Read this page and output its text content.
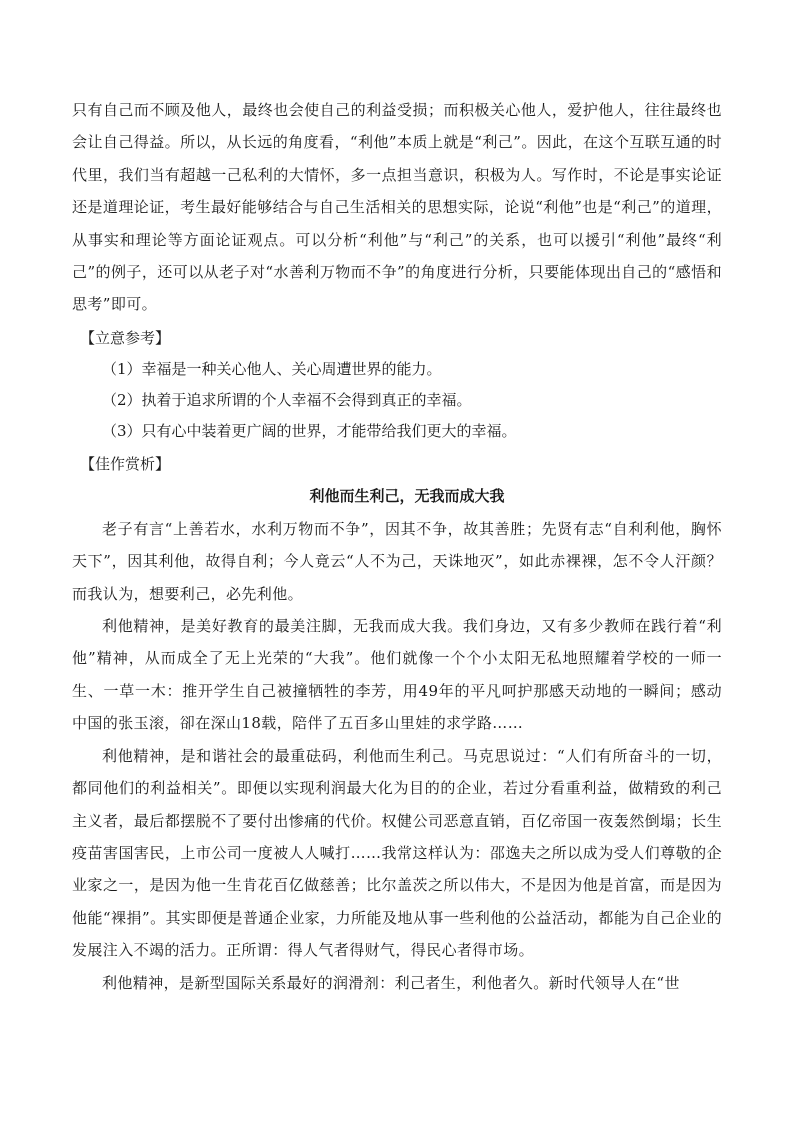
只有自己而不顾及他人，最终也会使自己的利益受损；而积极关心他人，爱护他人，往往最终也会让自己得益。所以，从长远的角度看，“利他”本质上就是“利己”。因此，在这个互联互通的时代里，我们当有超越一己私利的大情怀，多一点担当意识，积极为人。写作时，不论是事实论证还是道理论证，考生最好能够结合与自己生活相关的思想实际，论说“利他”也是“利己”的道理，从事实和理论等方面论证观点。可以分析“利他”与“利己”的关系，也可以援引“利他”最终“利己”的例子，还可以从老子对“水善利万物而不争”的角度进行分析，只要能体现出自己的“感悟和思考”即可。

【立意参考】

（1）幸福是一种关心他人、关心周遭世界的能力。

（2）执着于追求所谓的个人幸福不会得到真正的幸福。

（3）只有心中装着更广阔的世界，才能带给我们更大的幸福。

【佳作赏析】

利他而生利己，无我而成大我

老子有言“上善若水，水利万物而不争”，因其不争，故其善胜；先贤有志“自利利他，胸怀天下”，因其利他，故得自利；今人竟云“人不为己，天诛地灭”，如此赤裸裸，怎不令人汗颜？而我认为，想要利己，必先利他。

利他精神，是美好教育的最美注脚，无我而成大我。我们身边，又有多少教师在践行着“利他”精神，从而成全了无上光荣的“大我”。他们就像一个个小太阳无私地照耀着学校的一师一生、一草一木：推开学生自己被撞牺牲的李芳，用49年的平凡呵护那感天动地的一瞬间；感动中国的张玉滚，卻在深山18载，陪伴了五百多山里娃的求学路……

利他精神，是和谐社会的最重砝码，利他而生利己。马克思说过：“人们有所奋斗的一切，都同他们的利益相关”。即便以实现利润最大化为目的的企业，若过分看重利益，做精致的利己主义者，最后都摆脱不了要付出惨痛的代价。权健公司恶意直销，百亿帝国一夜轰然倒塌；长生疫苗害国害民，上市公司一度被人人喊打……我常这样认为：邵逸夫之所以成为受人们尊敬的企业家之一，是因为他一生肯花百亿做慈善；比尔盖茨之所以伟大，不是因为他是首富，而是因为他能“裸捐”。其实即便是普通企业家，力所能及地从事一些利他的公益活动，都能为自己企业的发展注入不竭的活力。正所谓：得人气者得财气，得民心者得市场。

利他精神，是新型国际关系最好的润滑剂：利己者生，利他者久。新时代领导人在“世
